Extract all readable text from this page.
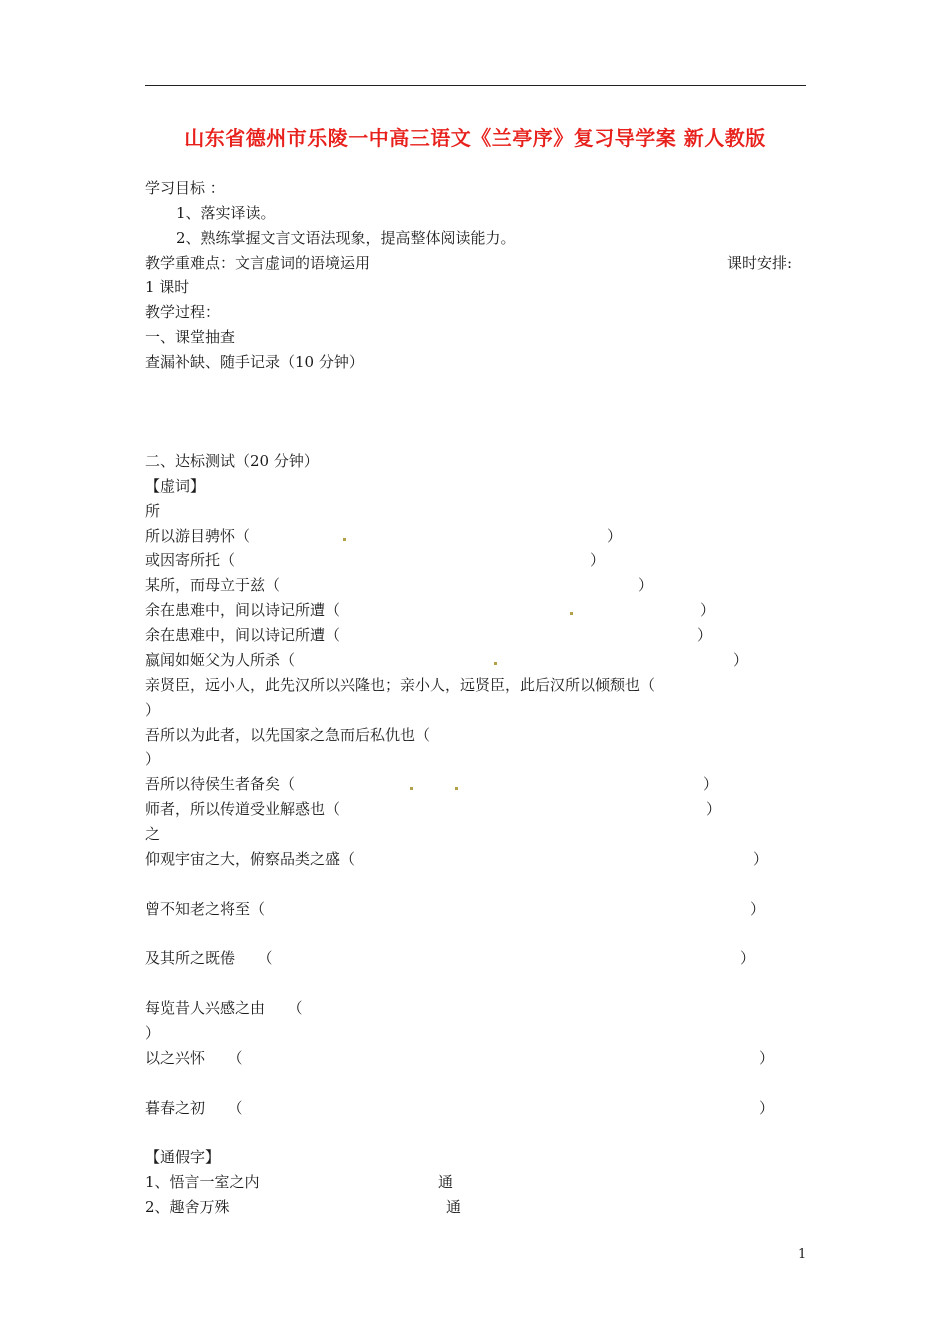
山东省德州市乐陵一中高三语文《兰亭序》复习导学案 新人教版
学习目标 ：
1、落实译读。
2、熟练掌握文言文语法现象，提高整体阅读能力。
教学重难点：文言虚词的语境运用	课时安排:
1 课时
教学过程：
一、课堂抽查
查漏补缺、随手记录（10 分钟）
二、达标测试（20 分钟）
【虚词】
所
所以游目骋怀（	）
或因寄所托（	）
某所，而母立于兹（	）
余在患难中，间以诗记所遭（	）
余在患难中，间以诗记所遭（	）
嬴闻如姬父为人所杀（	）
亲贤臣，远小人，此先汉所以兴隆也；亲小人，远贤臣，此后汉所以倾颓也（
）
吾所以为此者，以先国家之急而后私仇也（
）
吾所以待侯生者备矣（	）
师者，所以传道受业解惑也（	）
之
仰观宇宙之大，俯察品类之盛（	）
曾不知老之将至（	）
及其所之既倦　　（	）
每览昔人兴感之由　　（
）
以之兴怀　　（	）
暮春之初　　（	）
【通假字】
1、悟言一室之内	通
2、趣舍万殊	通
1
